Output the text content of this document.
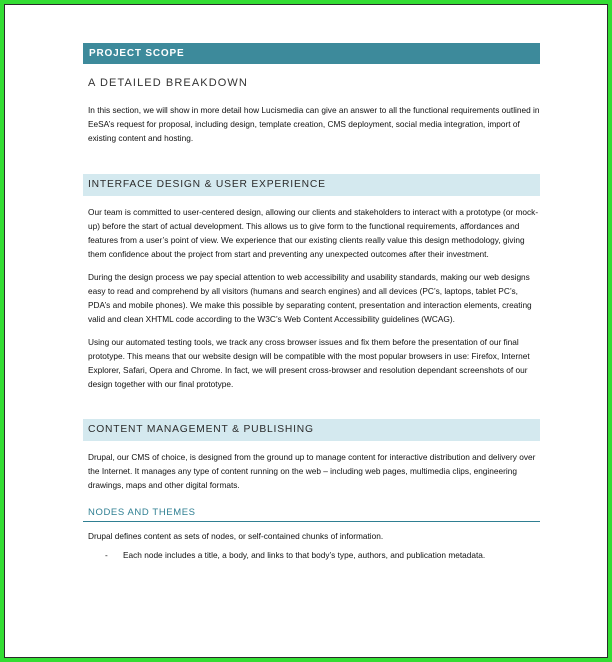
PROJECT SCOPE
A DETAILED BREAKDOWN

In this section, we will show in more detail how Lucismedia can give an answer to all the functional requirements outlined in EeSA’s request for proposal, including design, template creation, CMS deployment, social media integration, import of existing content and hosting.

INTERFACE DESIGN & USER EXPERIENCE

Our team is committed to user-centered design, allowing our clients and stakeholders to interact with a prototype (or mock-up) before the start of actual development. This allows us to give form to the functional requirements, affordances and features from a user’s point of view. We experience that our existing clients really value this design methodology, giving them confidence about the project from start and preventing any unexpected outcomes after their investment.

During the design process we pay special attention to web accessibility and usability standards, making our web designs easy to read and comprehend by all visitors (humans and search engines) and all devices (PC’s, laptops, tablet PC’s, PDA’s and mobile phones). We make this possible by separating content, presentation and interaction elements, creating valid and clean XHTML code according to the W3C’s Web Content Accessibility guidelines (WCAG).

Using our automated testing tools, we track any cross browser issues and fix them before the presentation of our final prototype. This means that our website design will be compatible with the most popular browsers in use: Firefox, Internet Explorer, Safari, Opera and Chrome. In fact, we will present cross-browser and resolution dependant screenshots of our design together with our final prototype.

CONTENT MANAGEMENT & PUBLISHING

Drupal, our CMS of choice, is designed from the ground up to manage content for interactive distribution and delivery over the Internet. It manages any type of content running on the web – including web pages, multimedia clips, engineering drawings, maps and other digital formats.

NODES AND THEMES

Drupal defines content as sets of nodes, or self-contained chunks of information.

-	Each node includes a title, a body, and links to that body’s type, authors, and publication metadata.
